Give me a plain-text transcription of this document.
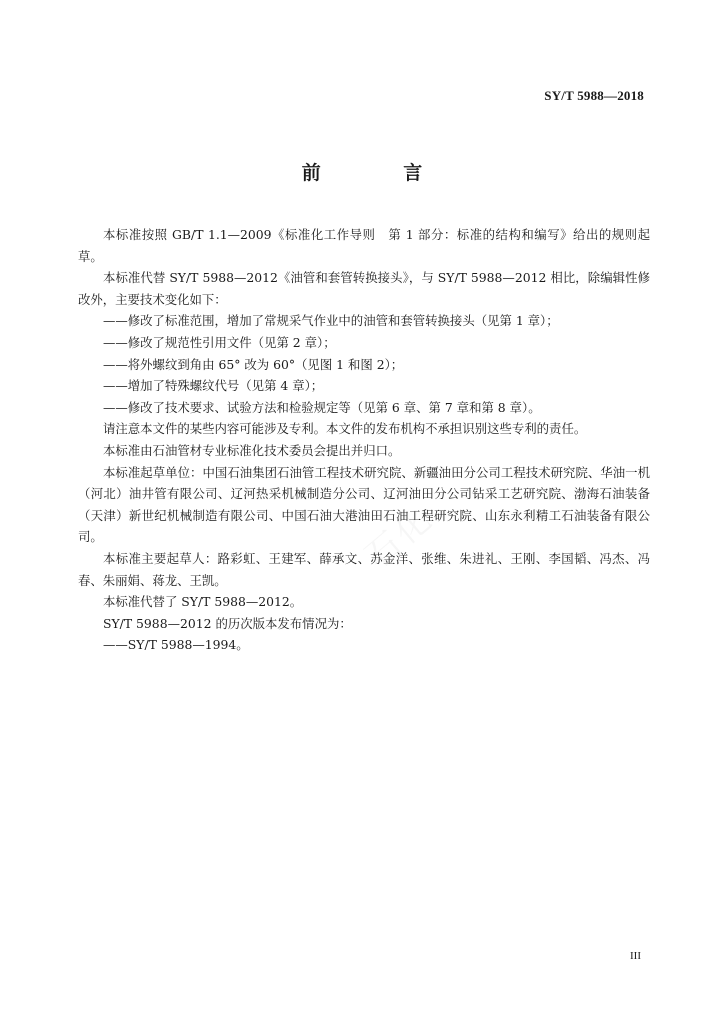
SY/T 5988—2018
前 言

本标准按照 GB/T 1.1—2009《标准化工作导则　第 1 部分：标准的结构和编写》给出的规则起草。

本标准代替 SY/T 5988—2012《油管和套管转换接头》，与 SY/T 5988—2012 相比，除编辑性修改外，主要技术变化如下：

——修改了标准范围，增加了常规采气作业中的油管和套管转换接头（见第 1 章）；

——修改了规范性引用文件（见第 2 章）；

——将外螺纹到角由 65° 改为 60°（见图 1 和图 2）；

——增加了特殊螺纹代号（见第 4 章）；

——修改了技术要求、试验方法和检验规定等（见第 6 章、第 7 章和第 8 章）。

请注意本文件的某些内容可能涉及专利。本文件的发布机构不承担识别这些专利的责任。

本标准由石油管材专业标准化技术委员会提出并归口。

本标准起草单位：中国石油集团石油管工程技术研究院、新疆油田分公司工程技术研究院、华油一机（河北）油井管有限公司、辽河热采机械制造分公司、辽河油田分公司钻采工艺研究院、渤海石油装备（天津）新世纪机械制造有限公司、中国石油大港油田石油工程研究院、山东永利精工石油装备有限公司。

本标准主要起草人：路彩虹、王建军、薛承文、苏金洋、张维、朱进礼、王刚、李国韬、冯杰、冯春、朱丽娟、蒋龙、王凯。

本标准代替了 SY/T 5988—2012。

SY/T 5988—2012 的历次版本发布情况为：

——SY/T 5988—1994。

石化
III
